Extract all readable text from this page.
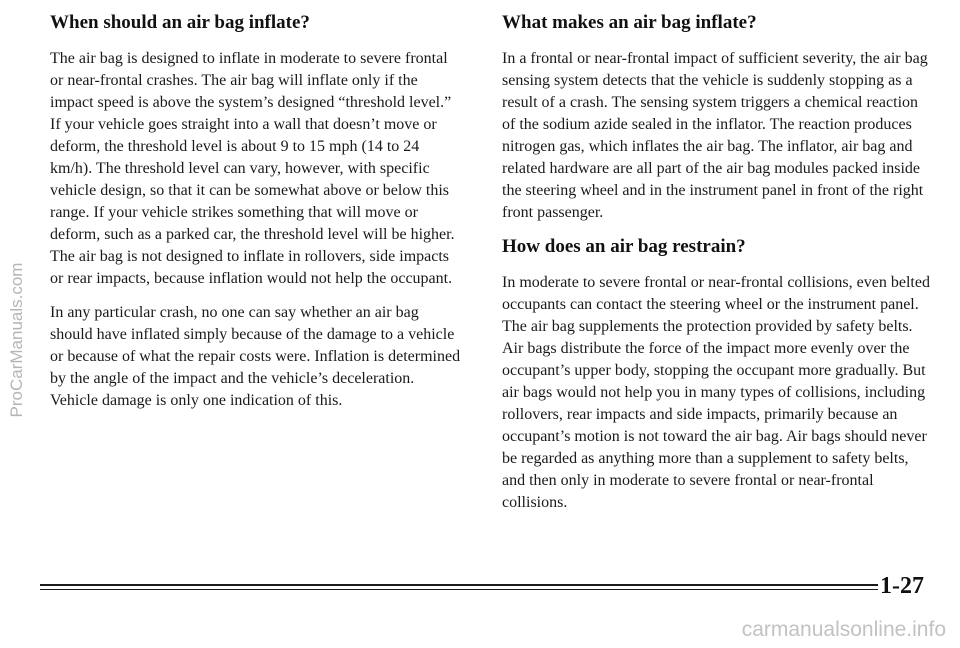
ProCarManuals.com
When should an air bag inflate?

The air bag is designed to inflate in moderate to severe frontal or near-frontal crashes. The air bag will inflate only if the impact speed is above the system’s designed “threshold level.” If your vehicle goes straight into a wall that doesn’t move or deform, the threshold level is about 9 to 15 mph (14 to 24 km/h). The threshold level can vary, however, with specific vehicle design, so that it can be somewhat above or below this range. If your vehicle strikes something that will move or deform, such as a parked car, the threshold level will be higher. The air bag is not designed to inflate in rollovers, side impacts or rear impacts, because inflation would not help the occupant.

In any particular crash, no one can say whether an air bag should have inflated simply because of the damage to a vehicle or because of what the repair costs were. Inflation is determined by the angle of the impact and the vehicle’s deceleration. Vehicle damage is only one indication of this.

What makes an air bag inflate?

In a frontal or near-frontal impact of sufficient severity, the air bag sensing system detects that the vehicle is suddenly stopping as a result of a crash. The sensing system triggers a chemical reaction of the sodium azide sealed in the inflator. The reaction produces nitrogen gas, which inflates the air bag. The inflator, air bag and related hardware are all part of the air bag modules packed inside the steering wheel and in the instrument panel in front of the right front passenger.

How does an air bag restrain?

In moderate to severe frontal or near-frontal collisions, even belted occupants can contact the steering wheel or the instrument panel. The air bag supplements the protection provided by safety belts. Air bags distribute the force of the impact more evenly over the occupant’s upper body, stopping the occupant more gradually. But air bags would not help you in many types of collisions, including rollovers, rear impacts and side impacts, primarily because an occupant’s motion is not toward the air bag. Air bags should never be regarded as anything more than a supplement to safety belts, and then only in moderate to severe frontal or near-frontal collisions.

1-27
carmanualsonline.info
